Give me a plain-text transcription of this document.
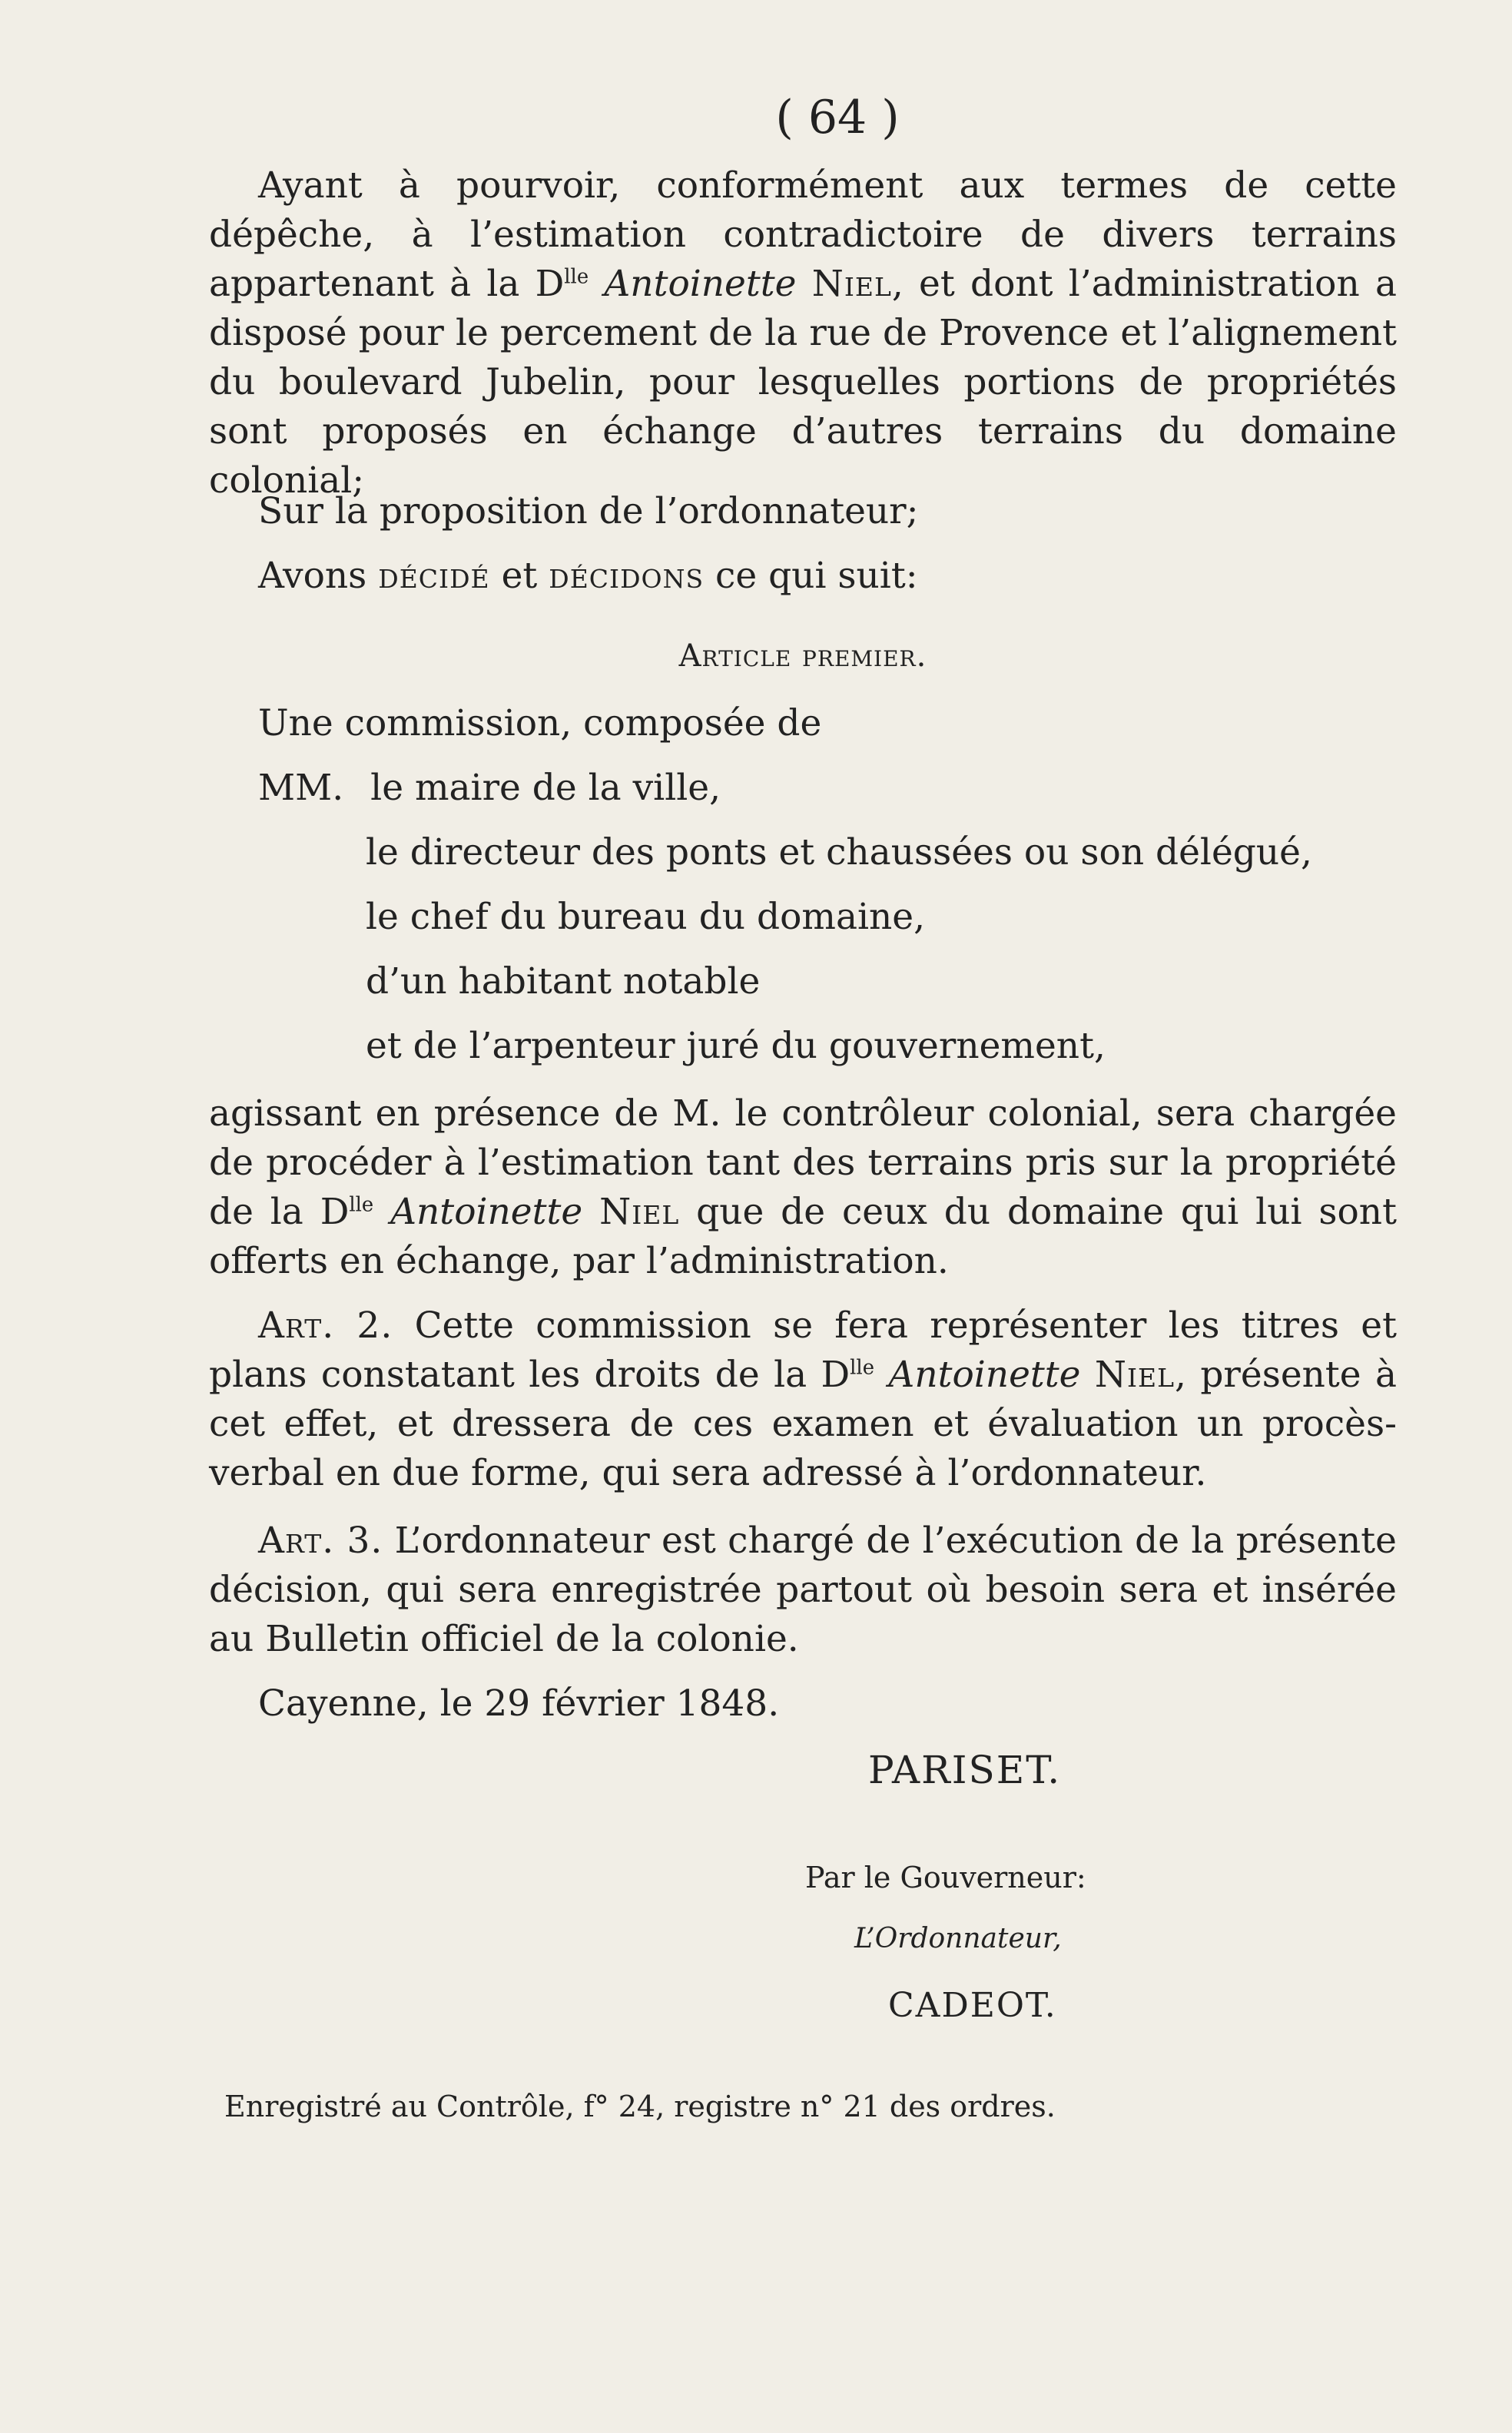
( 64 )
Ayant à pourvoir, conformément aux termes de cette dépêche, à l’estimation contradictoire de divers terrains appartenant à la $D^{lle}$ Antoinette Niel, et dont l’administration a disposé pour le percement de la rue de Provence et l’alignement du boulevard Jubelin, pour lesquelles portions de propriétés sont proposés en échange d’autres terrains du domaine colonial;
Sur la proposition de l’ordonnateur;
Avons décidé et décidons ce qui suit:
Article premier.
Une commission, composée de
MM. le maire de la ville,
le directeur des ponts et chaussées ou son délégué,
le chef du bureau du domaine,
d’un habitant notable
et de l’arpenteur juré du gouvernement,
agissant en présence de M. le contrôleur colonial, sera chargée de procéder à l’estimation tant des terrains pris sur la propriété de la $D^{lle}$ Antoinette Niel que de ceux du domaine qui lui sont offerts en échange, par l’administration.
Art. 2. Cette commission se fera représenter les titres et plans constatant les droits de la $D^{lle}$ Antoinette Niel, présente à cet effet, et dressera de ces examen et évaluation un procès-verbal en due forme, qui sera adressé à l’ordonnateur.
Art. 3. L’ordonnateur est chargé de l’exécution de la présente décision, qui sera enregistrée partout où besoin sera et insérée au Bulletin officiel de la colonie.
Cayenne, le 29 février 1848.
PARISET.
Par le Gouverneur:
L’Ordonnateur,
CADEOT.
Enregistré au Contrôle, f° 24, registre n° 21 des ordres.
